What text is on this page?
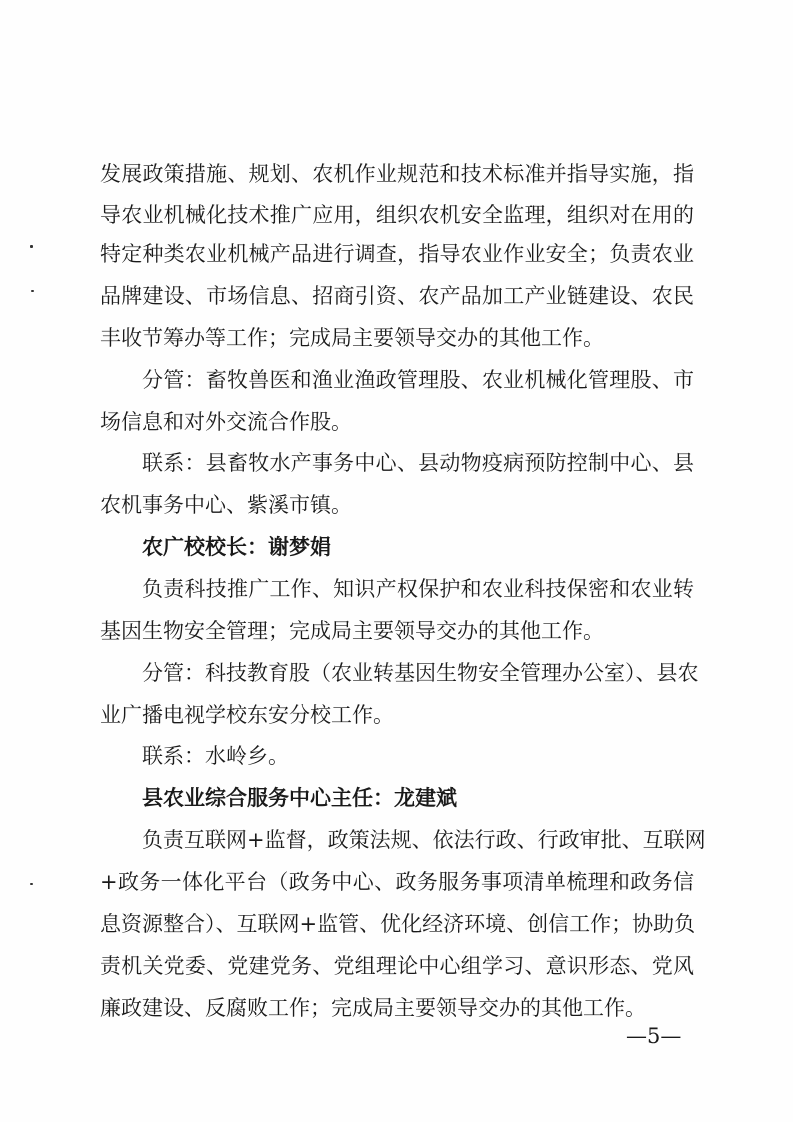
发展政策措施、规划、农机作业规范和技术标准并指导实施，指
导农业机械化技术推广应用，组织农机安全监理，组织对在用的
特定种类农业机械产品进行调查，指导农业作业安全；负责农业
品牌建设、市场信息、招商引资、农产品加工产业链建设、农民
丰收节筹办等工作；完成局主要领导交办的其他工作。
分管：畜牧兽医和渔业渔政管理股、农业机械化管理股、市
场信息和对外交流合作股。
联系：县畜牧水产事务中心、县动物疫病预防控制中心、县
农机事务中心、紫溪市镇。
农广校校长：谢梦娟
负责科技推广工作、知识产权保护和农业科技保密和农业转
基因生物安全管理；完成局主要领导交办的其他工作。
分管：科技教育股（农业转基因生物安全管理办公室）、县农
业广播电视学校东安分校工作。
联系：水岭乡。
县农业综合服务中心主任：龙建斌
负责互联网+监督，政策法规、依法行政、行政审批、互联网
+政务一体化平台（政务中心、政务服务事项清单梳理和政务信
息资源整合）、互联网+监管、优化经济环境、创信工作；协助负
责机关党委、党建党务、党组理论中心组学习、意识形态、党风
廉政建设、反腐败工作；完成局主要领导交办的其他工作。
—5—
